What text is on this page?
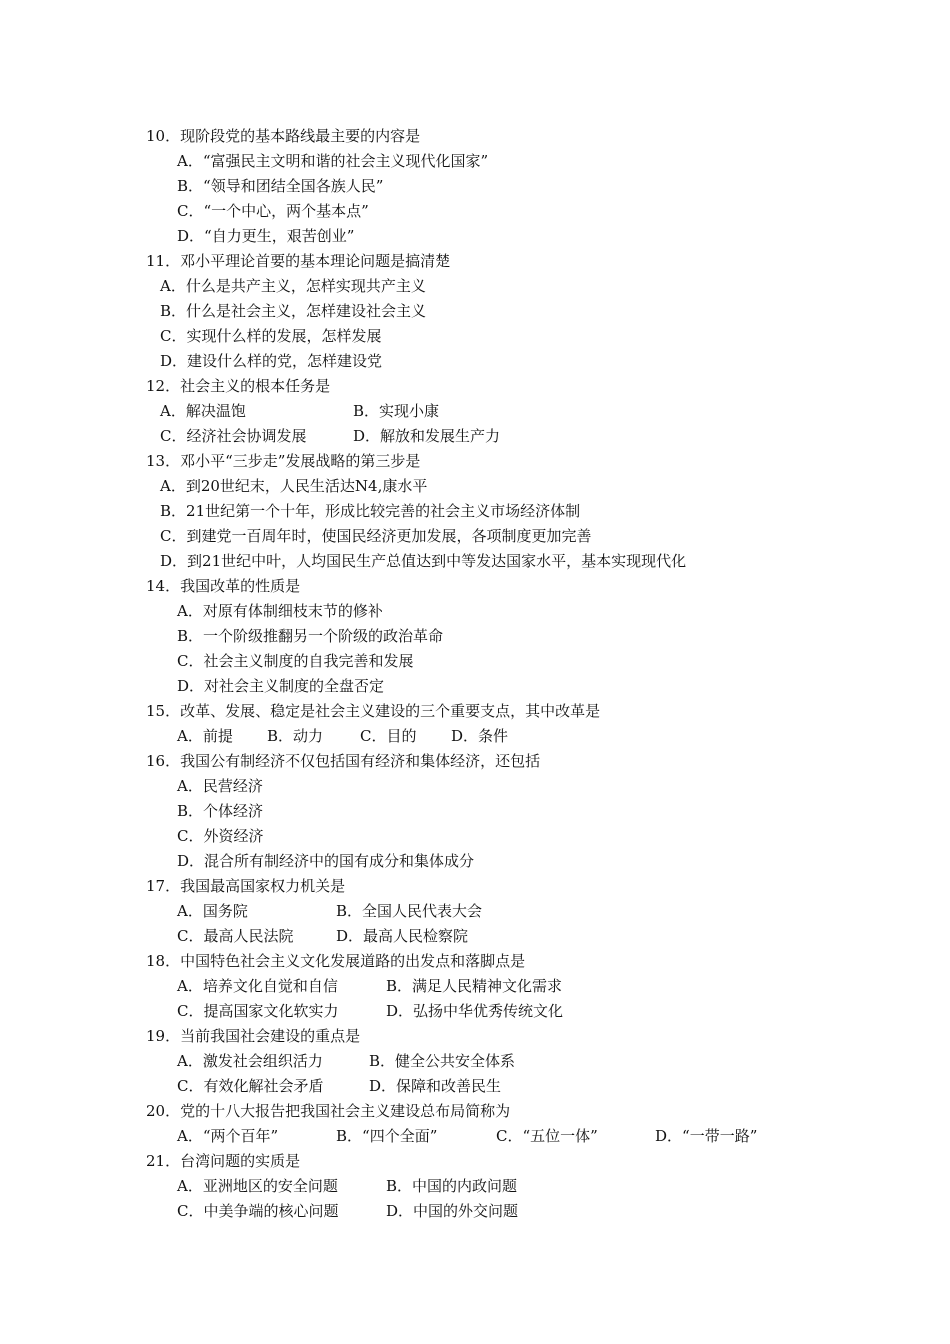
10．现阶段党的基本路线最主要的内容是
A．“富强民主文明和谐的社会主义现代化国家”
B．“领导和团结全国各族人民”
C．“一个中心，两个基本点”
D．“自力更生，艰苦创业”
11．邓小平理论首要的基本理论问题是搞清楚
A．什么是共产主义，怎样实现共产主义
B．什么是社会主义，怎样建设社会主义
C．实现什么样的发展，怎样发展
D．建设什么样的党，怎样建设党
12．社会主义的根本任务是
A．解决温饱	B．实现小康
C．经济社会协调发展	D．解放和发展生产力
13．邓小平“三步走”发展战略的第三步是
A．到20世纪末，人民生活达N4,康水平
B．21世纪第一个十年，形成比较完善的社会主义市场经济体制
C．到建党一百周年时，使国民经济更加发展，各项制度更加完善
D．到21世纪中叶，人均国民生产总值达到中等发达国家水平，基本实现现代化
14．我国改革的性质是
A．对原有体制细枝末节的修补
B．一个阶级推翻另一个阶级的政治革命
C．社会主义制度的自我完善和发展
D．对社会主义制度的全盘否定
15．改革、发展、稳定是社会主义建设的三个重要支点，其中改革是
A．前提 B．动力 C．目的 D．条件
16．我国公有制经济不仅包括国有经济和集体经济，还包括
A．民营经济
B．个体经济
C．外资经济
D．混合所有制经济中的国有成分和集体成分
17．我国最高国家权力机关是
A．国务院	B．全国人民代表大会
C．最高人民法院	D．最高人民检察院
18．中国特色社会主义文化发展道路的出发点和落脚点是
A．培养文化自觉和自信	B．满足人民精神文化需求
C．提高国家文化软实力	D．弘扬中华优秀传统文化
19．当前我国社会建设的重点是
A．激发社会组织活力	B．健全公共安全体系
C．有效化解社会矛盾	D．保障和改善民生
20．党的十八大报告把我国社会主义建设总布局简称为
A．“两个百年”	B．“四个全面”	C．“五位一体”	D．“一带一路”
21．台湾问题的实质是
A．亚洲地区的安全问题	B．中国的内政问题
C．中美争端的核心问题	D．中国的外交问题
